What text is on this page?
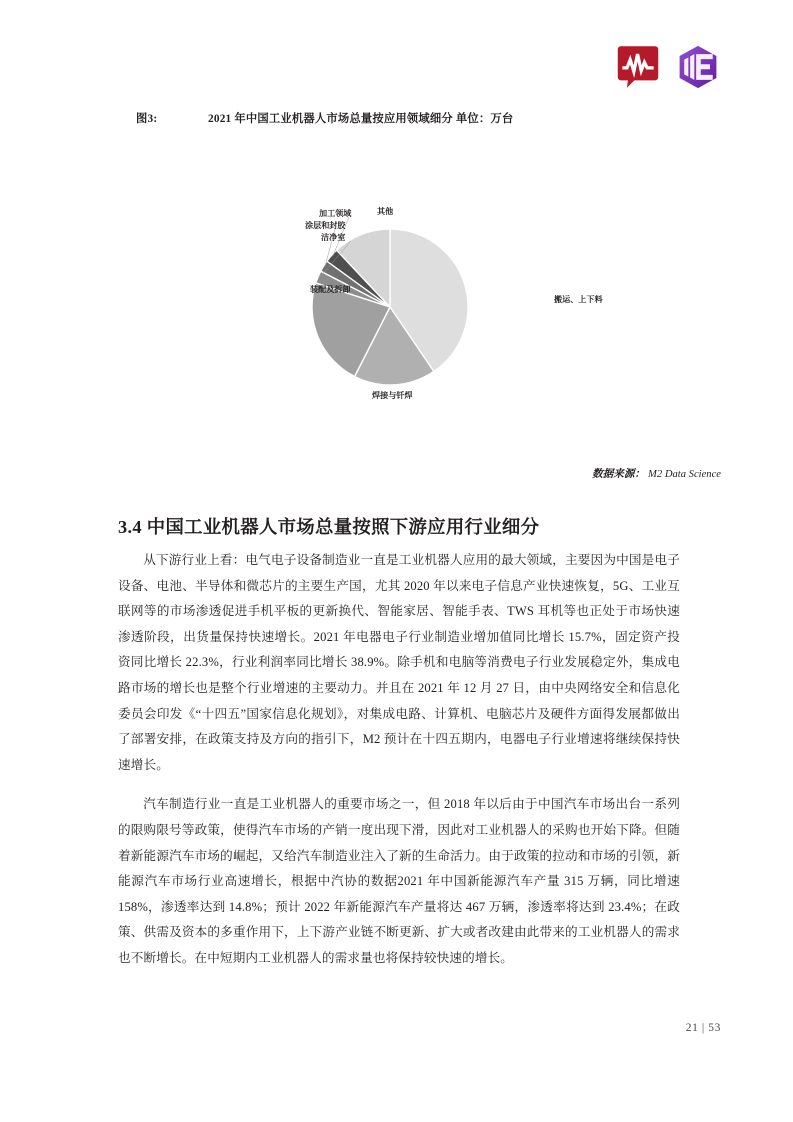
图3:	2021 年中国工业机器人市场总量按应用领域细分 单位：万台
搬运、上下料
焊接与钎焊
装配及拆卸
洁净室
涂层和封胶
加工领域	其他
数据来源： M2 Data Science
3.4 中国工业机器人市场总量按照下游应用行业细分

从下游行业上看：电气电子设备制造业一直是工业机器人应用的最大领域，主要因为中国是电子设备、电池、半导体和微芯片的主要生产国，尤其 2020 年以来电子信息产业快速恢复，5G、工业互联网等的市场渗透促进手机平板的更新换代、智能家居、智能手表、TWS 耳机等也正处于市场快速渗透阶段，出货量保持快速增长。2021 年电器电子行业制造业增加值同比增长 15.7%，固定资产投资同比增长 22.3%，行业利润率同比增长 38.9%。除手机和电脑等消费电子行业发展稳定外，集成电路市场的增长也是整个行业增速的主要动力。并且在 2021 年 12 月 27 日，由中央网络安全和信息化委员会印发《“十四五”国家信息化规划》，对集成电路、计算机、电脑芯片及硬件方面得发展都做出了部署安排，在政策支持及方向的指引下，M2 预计在十四五期内，电器电子行业增速将继续保持快速增长。

汽车制造行业一直是工业机器人的重要市场之一，但 2018 年以后由于中国汽车市场出台一系列的限购限号等政策，使得汽车市场的产销一度出现下滑，因此对工业机器人的采购也开始下降。但随着新能源汽车市场的崛起，又给汽车制造业注入了新的生命活力。由于政策的拉动和市场的引领，新能源汽车市场行业高速增长，根据中汽协的数据2021 年中国新能源汽车产量 315 万辆，同比增速 158%，渗透率达到 14.8%；预计 2022 年新能源汽车产量将达 467 万辆，渗透率将达到 23.4%；在政策、供需及资本的多重作用下，上下游产业链不断更新、扩大或者改建由此带来的工业机器人的需求也不断增长。在中短期内工业机器人的需求量也将保持较快速的增长。

21 | 53
